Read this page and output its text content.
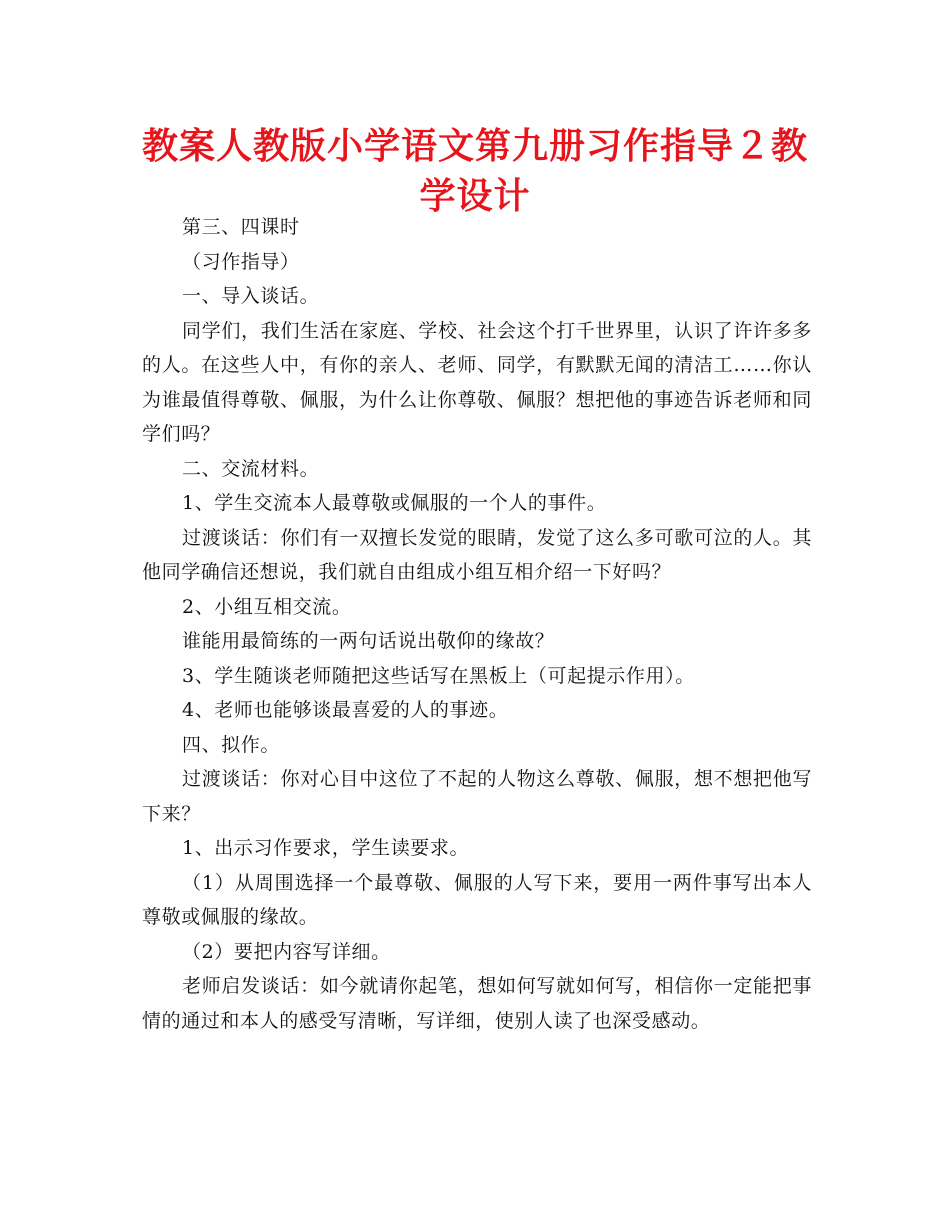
教案人教版小学语文第九册习作指导２教学设计

第三、四课时

（习作指导）

一、导入谈话。

同学们，我们生活在家庭、学校、社会这个打千世界里，认识了许许多多的人。在这些人中，有你的亲人、老师、同学，有默默无闻的清洁工……你认为谁最值得尊敬、佩服，为什么让你尊敬、佩服？想把他的事迹告诉老师和同学们吗？

二、交流材料。

1、学生交流本人最尊敬或佩服的一个人的事件。

过渡谈话：你们有一双擅长发觉的眼睛，发觉了这么多可歌可泣的人。其他同学确信还想说，我们就自由组成小组互相介绍一下好吗？

2、小组互相交流。

谁能用最简练的一两句话说出敬仰的缘故？

3、学生随谈老师随把这些话写在黑板上（可起提示作用）。

4、老师也能够谈最喜爱的人的事迹。

四、拟作。

过渡谈话：你对心目中这位了不起的人物这么尊敬、佩服，想不想把他写下来？

1、出示习作要求，学生读要求。

（1）从周围选择一个最尊敬、佩服的人写下来，要用一两件事写出本人尊敬或佩服的缘故。

（2）要把内容写详细。

老师启发谈话：如今就请你起笔，想如何写就如何写，相信你一定能把事情的通过和本人的感受写清晰，写详细，使别人读了也深受感动。
